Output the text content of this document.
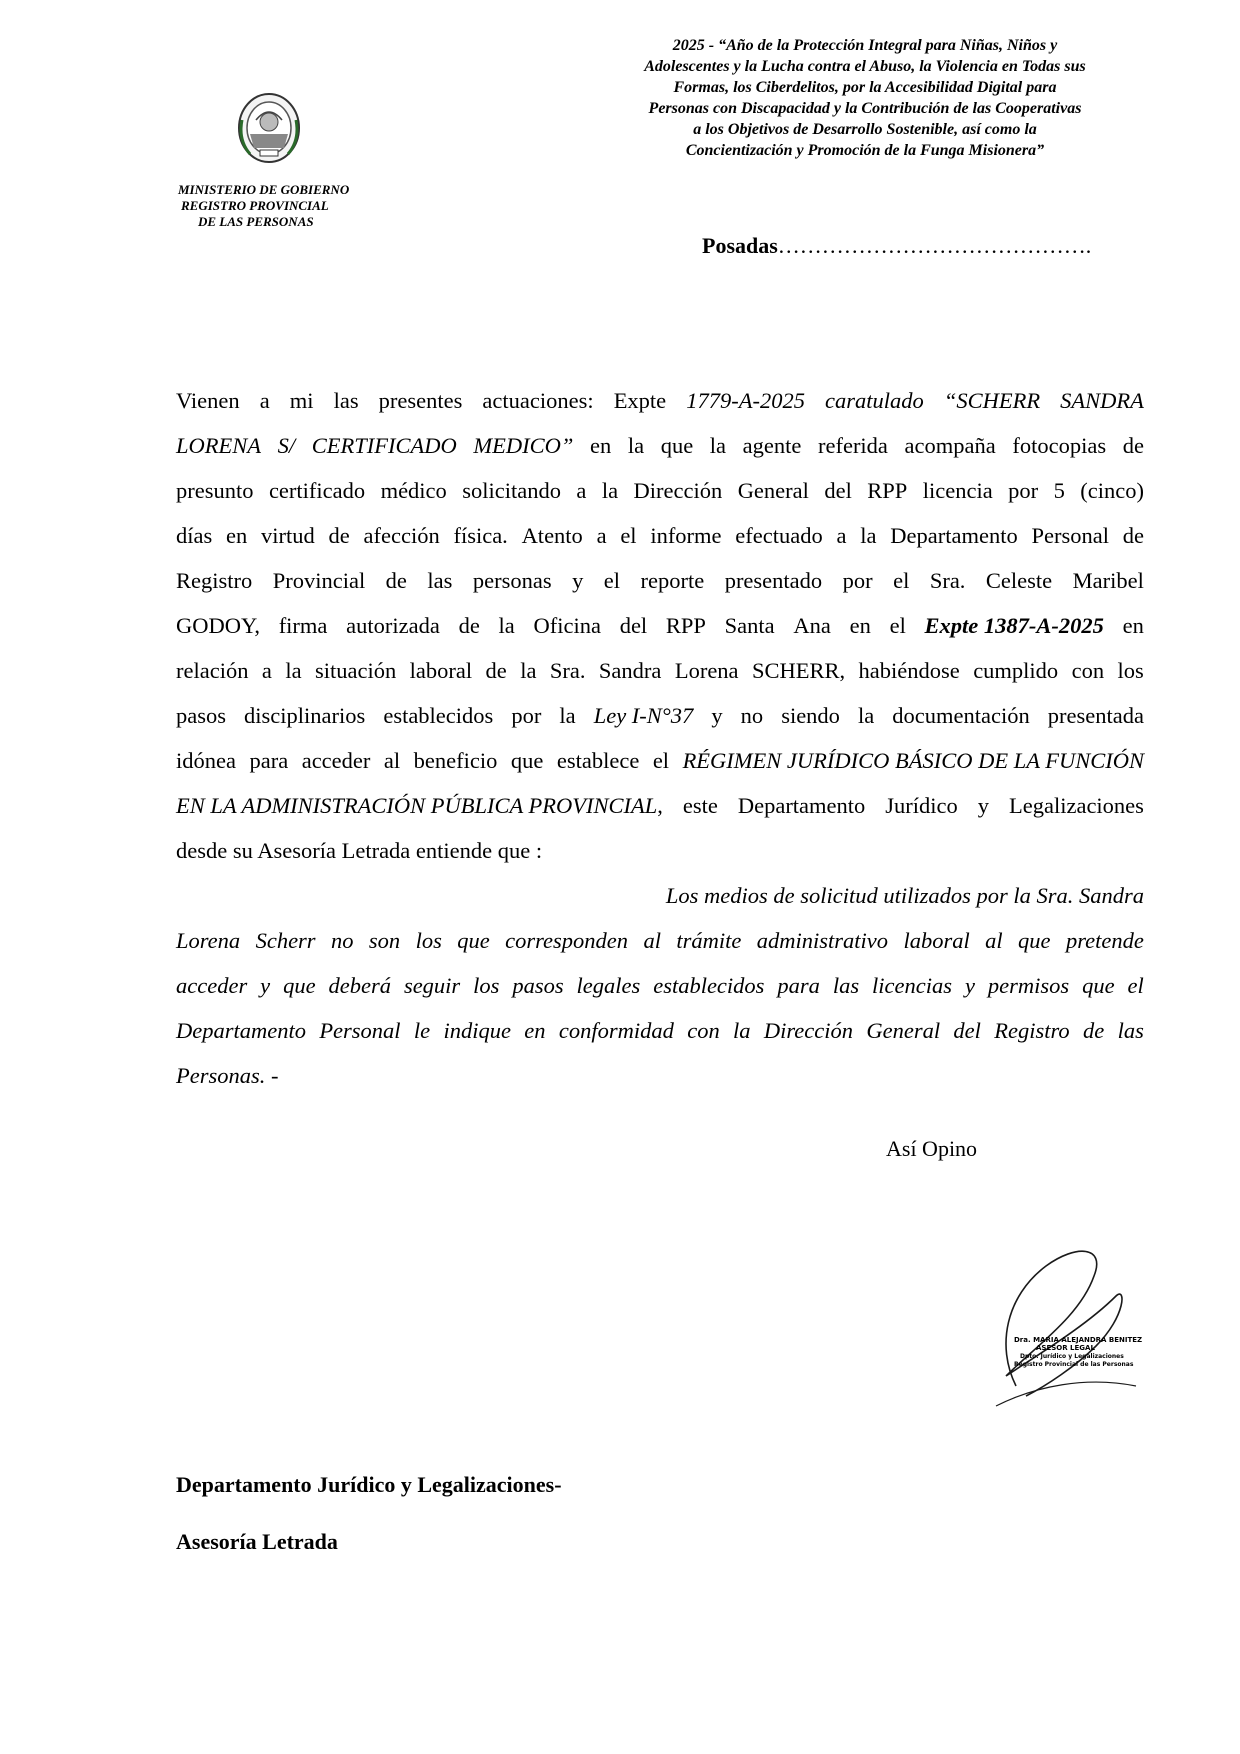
MINISTERIO DE GOBIERNO
REGISTRO PROVINCIAL
DE LAS PERSONAS
2025 - “Año de la Protección Integral para Niñas, Niños y
Adolescentes y la Lucha contra el Abuso, la Violencia en Todas sus
Formas, los Ciberdelitos, por la Accesibilidad Digital para
Personas con Discapacidad y la Contribución de las Cooperativas
a los Objetivos de Desarrollo Sostenible, así como la
Concientización y Promoción de la Funga Misionera”
Posadas…………………………………….
Vienen a mi las presentes actuaciones: Expte 1779-A-2025 caratulado “SCHERR SANDRA
LORENA S/ CERTIFICADO MEDICO” en la que la agente referida acompaña fotocopias de
presunto certificado médico solicitando a la Dirección General del RPP licencia por 5 (cinco)
días en virtud de afección física. Atento a el informe efectuado a la Departamento Personal de
Registro Provincial de las personas y el reporte presentado por el Sra. Celeste Maribel
GODOY, firma autorizada de la Oficina del RPP Santa Ana en el Expte 1387-A-2025 en
relación a la situación laboral de la Sra. Sandra Lorena SCHERR, habiéndose cumplido con los
pasos disciplinarios establecidos por la Ley I-N°37 y no siendo la documentación presentada
idónea para acceder al beneficio que establece el RÉGIMEN JURÍDICO BÁSICO DE LA FUNCIÓN
EN LA ADMINISTRACIÓN PÚBLICA PROVINCIAL, este Departamento Jurídico y Legalizaciones
desde su Asesoría Letrada entiende que :
Los medios de solicitud utilizados por la Sra. Sandra
Lorena Scherr no son los que corresponden al trámite administrativo laboral al que pretende
acceder y que deberá seguir los pasos legales establecidos para las licencias y permisos que el
Departamento Personal le indique en conformidad con la Dirección General del Registro de las
Personas. -
Así Opino
Dra. MARIA ALEJANDRA BENITEZ
ASESOR LEGAL
Dpto. Jurídico y Legalizaciones
Registro Provincial de las Personas
Departamento Jurídico y Legalizaciones-
Asesoría Letrada
